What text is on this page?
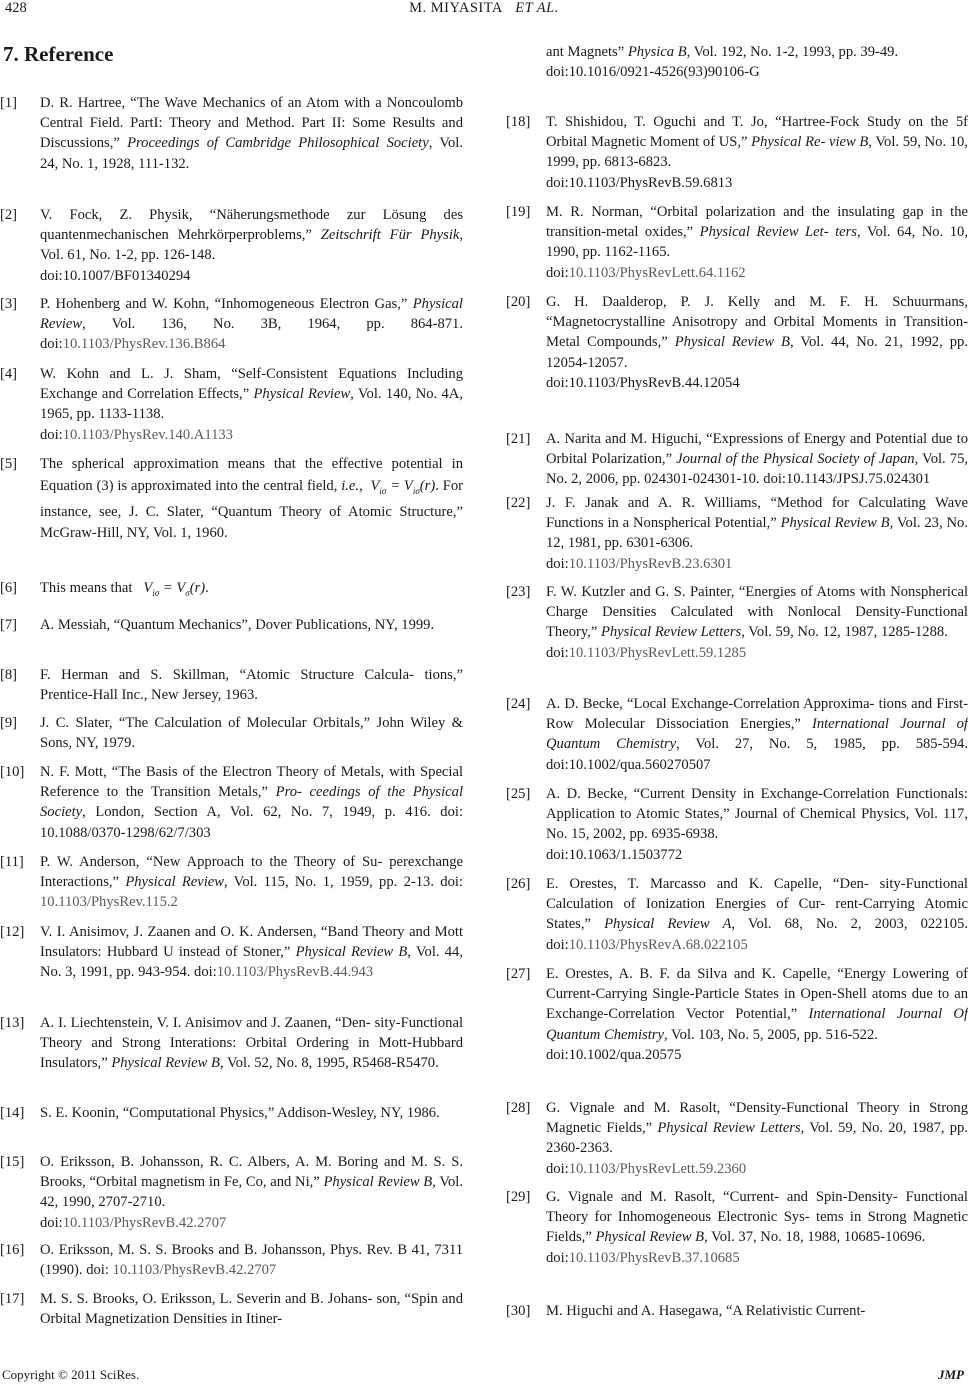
428	M. MIYASITA ET AL.
7. Reference
[1] D. R. Hartree, “The Wave Mechanics of an Atom with a Noncoulomb Central Field. PartI: Theory and Method. Part II: Some Results and Discussions,” Proceedings of Cambridge Philosophical Society, Vol. 24, No. 1, 1928, 111-132.
[2] V. Fock, Z. Physik, “Näherungsmethode zur Lösung des quantenmechanischen Mehrkörperproblems,” Zeitschrift Für Physik, Vol. 61, No. 1-2, pp. 126-148.
doi:10.1007/BF01340294
[3] P. Hohenberg and W. Kohn, “Inhomogeneous Electron Gas,” Physical Review, Vol. 136, No. 3B, 1964, pp. 864-871. doi:10.1103/PhysRev.136.B864
[4] W. Kohn and L. J. Sham, “Self-Consistent Equations Including Exchange and Correlation Effects,” Physical Review, Vol. 140, No. 4A, 1965, pp. 1133-1138.
doi:10.1103/PhysRev.140.A1133
[5] The spherical approximation means that the effective potential in Equation (3) is approximated into the central field, i.e., $V_{i\sigma} = V_{i\sigma}(r)$. For instance, see, J. C. Slater, “Quantum Theory of Atomic Structure,” McGraw-Hill, NY, Vol. 1, 1960.
[6] This means that   $V_{i\sigma} = V_\sigma(r)$.
[7] A. Messiah, “Quantum Mechanics”, Dover Publications, NY, 1999.
[8] F. Herman and S. Skillman, “Atomic Structure Calcula- tions,” Prentice-Hall Inc., New Jersey, 1963.
[9] J. C. Slater, “The Calculation of Molecular Orbitals,” John Wiley & Sons, NY, 1979.
[10] N. F. Mott, “The Basis of the Electron Theory of Metals, with Special Reference to the Transition Metals,” Pro- ceedings of the Physical Society, London, Section A, Vol. 62, No. 7, 1949, p. 416. doi: 10.1088/0370-1298/62/7/303
[11] P. W. Anderson, “New Approach to the Theory of Su- perexchange Interactions,” Physical Review, Vol. 115, No. 1, 1959, pp. 2-13. doi: 10.1103/PhysRev.115.2
[12] V. I. Anisimov, J. Zaanen and O. K. Andersen, “Band Theory and Mott Insulators: Hubbard U instead of Stoner,” Physical Review B, Vol. 44, No. 3, 1991, pp. 943-954. doi:10.1103/PhysRevB.44.943
[13] A. I. Liechtenstein, V. I. Anisimov and J. Zaanen, “Den- sity-Functional Theory and Strong Interations: Orbital Ordering in Mott-Hubbard Insulators,” Physical Review B, Vol. 52, No. 8, 1995, R5468-R5470.
[14] S. E. Koonin, “Computational Physics,” Addison-Wesley, NY, 1986.
[15] O. Eriksson, B. Johansson, R. C. Albers, A. M. Boring and M. S. S. Brooks, “Orbital magnetism in Fe, Co, and Ni,” Physical Review B, Vol. 42, 1990, 2707-2710.
doi:10.1103/PhysRevB.42.2707
[16] O. Eriksson, M. S. S. Brooks and B. Johansson, Phys. Rev. B 41, 7311 (1990). doi: 10.1103/PhysRevB.42.2707
[17] M. S. S. Brooks, O. Eriksson, L. Severin and B. Johans- son, “Spin and Orbital Magnetization Densities in Itiner-
ant Magnets” Physica B, Vol. 192, No. 1-2, 1993, pp. 39-49.
doi:10.1016/0921-4526(93)90106-G
[18] T. Shishidou, T. Oguchi and T. Jo, “Hartree-Fock Study on the 5f Orbital Magnetic Moment of US,” Physical Re- view B, Vol. 59, No. 10, 1999, pp. 6813-6823.
doi:10.1103/PhysRevB.59.6813
[19] M. R. Norman, “Orbital polarization and the insulating gap in the transition-metal oxides,” Physical Review Let- ters, Vol. 64, No. 10, 1990, pp. 1162-1165.
doi:10.1103/PhysRevLett.64.1162
[20] G. H. Daalderop, P. J. Kelly and M. F. H. Schuurmans, “Magnetocrystalline Anisotropy and Orbital Moments in Transition-Metal Compounds,” Physical Review B, Vol. 44, No. 21, 1992, pp. 12054-12057.
doi:10.1103/PhysRevB.44.12054
[21] A. Narita and M. Higuchi, “Expressions of Energy and Potential due to Orbital Polarization,” Journal of the Physical Society of Japan, Vol. 75, No. 2, 2006, pp. 024301-024301-10. doi:10.1143/JPSJ.75.024301
[22] J. F. Janak and A. R. Williams, “Method for Calculating Wave Functions in a Nonspherical Potential,” Physical Review B, Vol. 23, No. 12, 1981, pp. 6301-6306.
doi:10.1103/PhysRevB.23.6301
[23] F. W. Kutzler and G. S. Painter, “Energies of Atoms with Nonspherical Charge Densities Calculated with Nonlocal Density-Functional Theory,” Physical Review Letters, Vol. 59, No. 12, 1987, 1285-1288.
doi:10.1103/PhysRevLett.59.1285
[24] A. D. Becke, “Local Exchange-Correlation Approxima- tions and First-Row Molecular Dissociation Energies,” International Journal of Quantum Chemistry, Vol. 27, No. 5, 1985, pp. 585-594. doi:10.1002/qua.560270507
[25] A. D. Becke, “Current Density in Exchange-Correlation Functionals: Application to Atomic States,” Journal of Chemical Physics, Vol. 117, No. 15, 2002, pp. 6935-6938.
doi:10.1063/1.1503772
[26] E. Orestes, T. Marcasso and K. Capelle, “Den- sity-Functional Calculation of Ionization Energies of Cur- rent-Carrying Atomic States,” Physical Review A, Vol. 68, No. 2, 2003, 022105. doi:10.1103/PhysRevA.68.022105
[27] E. Orestes, A. B. F. da Silva and K. Capelle, “Energy Lowering of Current-Carrying Single-Particle States in Open-Shell atoms due to an Exchange-Correlation Vector Potential,” International Journal Of Quantum Chemistry, Vol. 103, No. 5, 2005, pp. 516-522.
doi:10.1002/qua.20575
[28] G. Vignale and M. Rasolt, “Density-Functional Theory in Strong Magnetic Fields,” Physical Review Letters, Vol. 59, No. 20, 1987, pp. 2360-2363.
doi:10.1103/PhysRevLett.59.2360
[29] G. Vignale and M. Rasolt, “Current- and Spin-Density- Functional Theory for Inhomogeneous Electronic Sys- tems in Strong Magnetic Fields,” Physical Review B, Vol. 37, No. 18, 1988, 10685-10696.
doi:10.1103/PhysRevB.37.10685
[30] M. Higuchi and A. Hasegawa, “A Relativistic Current-
Copyright © 2011 SciRes.	JMP
